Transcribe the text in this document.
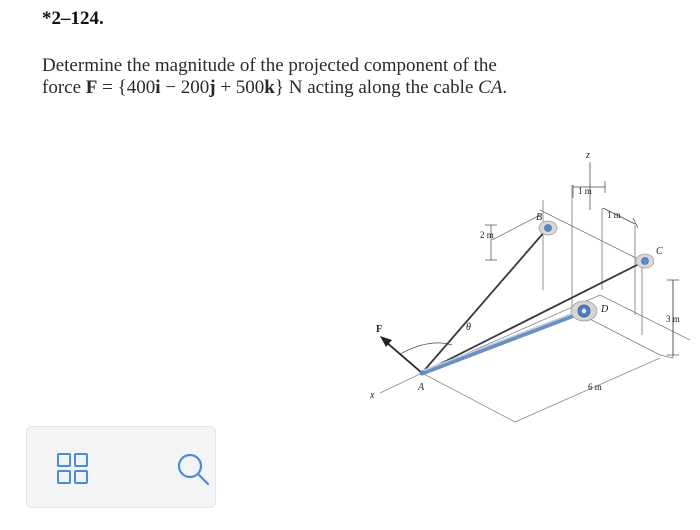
*2–124.
Determine the magnitude of the projected component of the
force F = {400i − 200j + 500k} N acting along the cable CA.
z
x
1 m
1 m
2 m
3 m
6 m
B
C
D
F	θ
A
